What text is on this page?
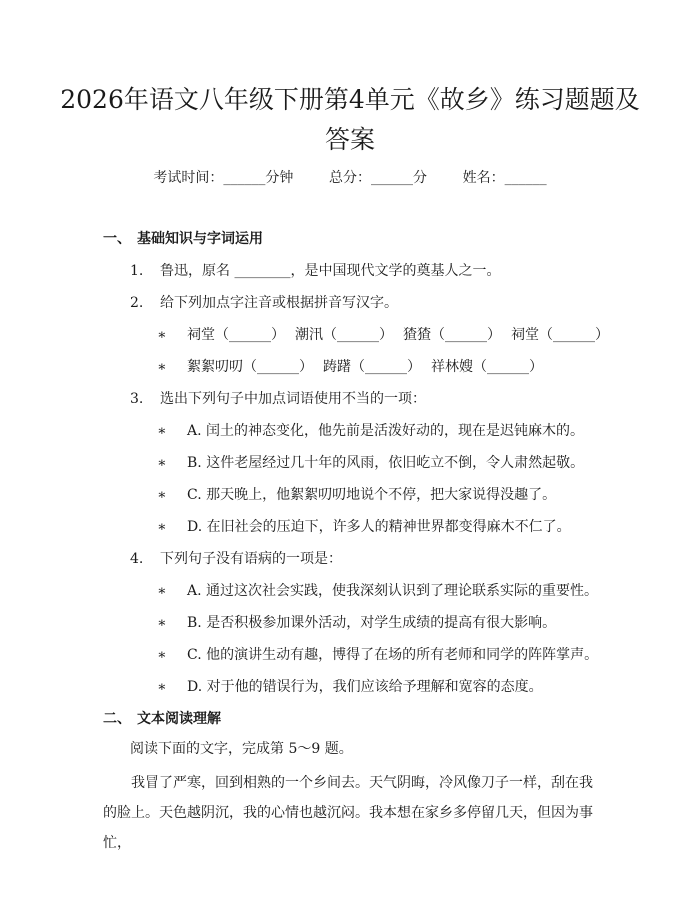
2026年语文八年级下册第4单元《故乡》练习题题及答案
考试时间：______分钟	总分：______分	姓名：______
一、 基础知识与字词运用
1. 鲁迅，原名 ________，是中国现代文学的奠基人之一。
2. 给下列加点字注音或根据拼音写汉字。
∗ 祠堂（______） 潮汛（______） 猹猹（______） 祠堂（______）
∗ 絮絮叨叨（______） 踌躇（______） 祥林嫂（______）
3. 选出下列句子中加点词语使用不当的一项：
∗ A. 闰土的神态变化，他先前是活泼好动的，现在是迟钝麻木的。
∗ B. 这件老屋经过几十年的风雨，依旧屹立不倒，令人肃然起敬。
∗ C. 那天晚上，他絮絮叨叨地说个不停，把大家说得没趣了。
∗ D. 在旧社会的压迫下，许多人的精神世界都变得麻木不仁了。
4. 下列句子没有语病的一项是：
∗ A. 通过这次社会实践，使我深刻认识到了理论联系实际的重要性。
∗ B. 是否积极参加课外活动，对学生成绩的提高有很大影响。
∗ C. 他的演讲生动有趣，博得了在场的所有老师和同学的阵阵掌声。
∗ D. 对于他的错误行为，我们应该给予理解和宽容的态度。
二、 文本阅读理解
阅读下面的文字，完成第 5～9 题。

我冒了严寒，回到相熟的一个乡间去。天气阴晦，冷风像刀子一样，刮在我的脸上。天色越阴沉，我的心情也越沉闷。我本想在家乡多停留几天，但因为事忙，
